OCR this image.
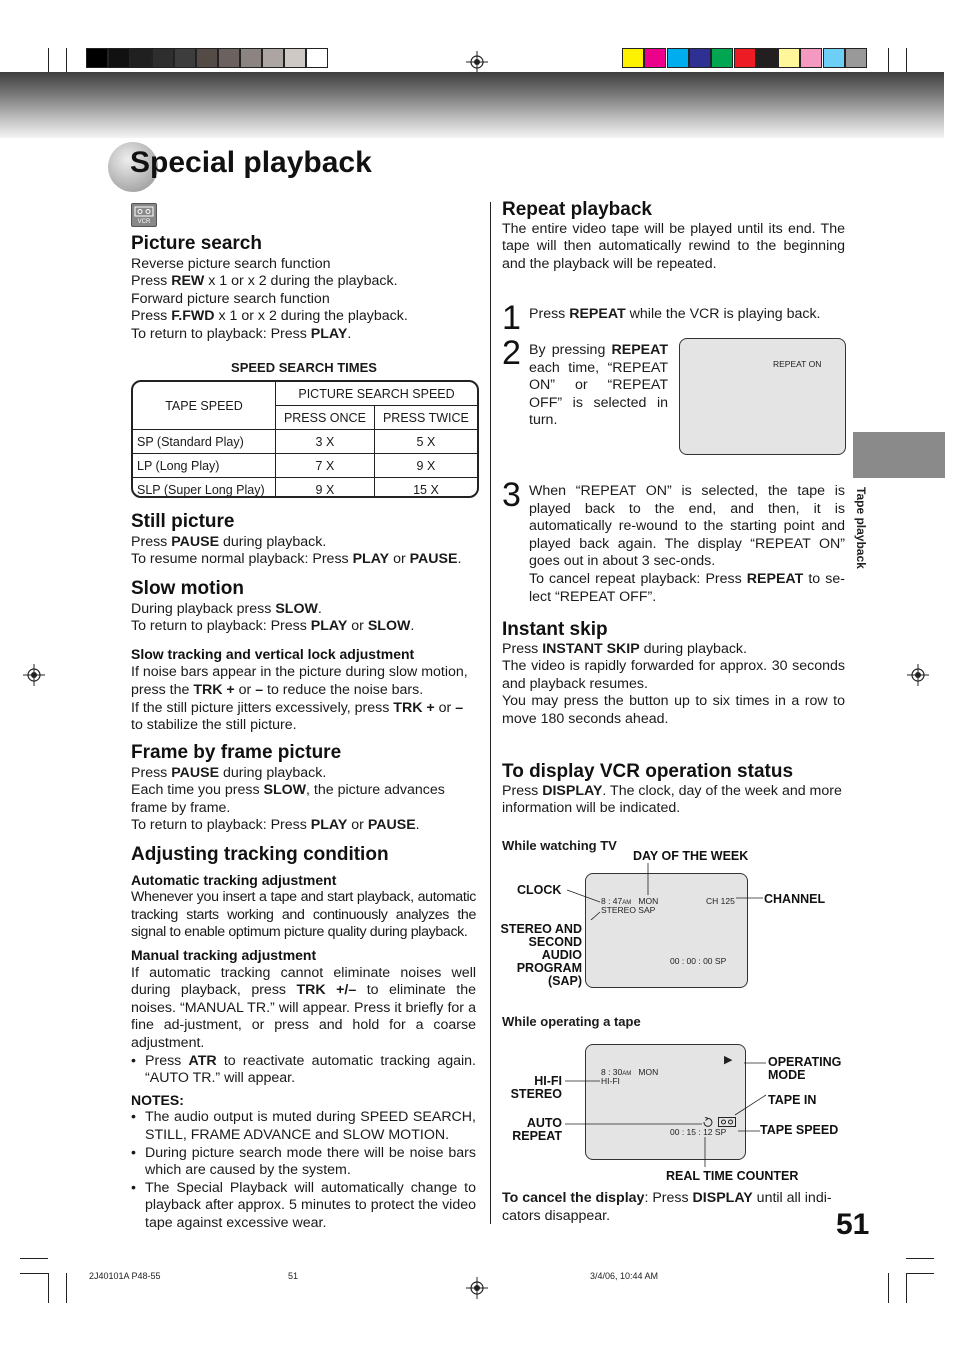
Special playback
Tape playback
VCR
Picture search

Reverse picture search function

Press REW x 1 or x 2 during the playback.

Forward picture search function

Press F.FWD x 1 or x 2 during the playback.

To return to playback: Press PLAY.

SPEED SEARCH TIMES
TAPE SPEED	PICTURE SEARCH SPEED	
	PRESS ONCE	PRESS TWICE
SP (Standard Play)	3 X	5 X
LP (Long Play)	7 X	9 X
SLP (Super Long Play)	9 X	15 X
Still picture

Press PAUSE during playback.

To resume normal playback: Press PLAY or PAUSE.

Slow motion

During playback press SLOW.

To return to playback: Press PLAY or SLOW.

Slow tracking and vertical lock adjustment

If noise bars appear in the picture during slow motion, press the TRK + or – to reduce the noise bars.

If the still picture jitters excessively, press TRK + or – to stabilize the still picture.

Frame by frame picture

Press PAUSE during playback.

Each time you press SLOW, the picture advances frame by frame.

To return to playback: Press PLAY or PAUSE.

Adjusting tracking condition
Automatic tracking adjustment

Whenever you insert a tape and start playback, automatic tracking starts working and continuously analyzes the signal to enable optimum picture quality during playback.

Manual tracking adjustment

If automatic tracking cannot eliminate noises well during playback, press TRK +/– to eliminate the noises. “MANUAL TR.” will appear. Press it briefly for a fine ad-justment, or press and hold for a coarse adjustment.

• Press ATR to reactivate automatic tracking again. “AUTO TR.” will appear.
NOTES:
• The audio output is muted during SPEED SEARCH, STILL, FRAME ADVANCE and SLOW MOTION.
• During picture search mode there will be noise bars which are caused by the system.
• The Special Playback will automatically change to playback after approx. 5 minutes to protect the video tape against excessive wear.
Repeat playback

The entire video tape will be played until its end. The tape will then automatically rewind to the beginning and the playback will be repeated.

1 Press REPEAT while the VCR is playing back.

2 By pressing REPEAT each time, “REPEAT ON” or “REPEAT OFF” is selected in turn.

REPEAT ON
3 When “REPEAT ON” is selected, the tape is played back to the end, and then, it is automatically re-wound to the starting point and played back again. The display “REPEAT ON” goes out in about 3 sec-onds.

To cancel repeat playback: Press REPEAT to se-lect “REPEAT OFF”.

Instant skip

Press INSTANT SKIP during playback.

The video is rapidly forwarded for approx. 30 seconds and playback resumes.

You may press the button up to six times in a row to move 180 seconds ahead.

To display VCR operation status

Press DISPLAY. The clock, day of the week and more information will be indicated.

While watching TV
DAY OF THE WEEK
CLOCK
CHANNEL
STEREO AND
SECOND
AUDIO
PROGRAM
(SAP)
8 : 47AM MON
STEREO SAP
CH 125
00 : 00 : 00 SP
While operating a tape
HI-FI
STEREO
AUTO
REPEAT
OPERATING
MODE
TAPE IN
TAPE SPEED
REAL TIME COUNTER
8 : 30AM MON
HI-FI
▶
00 : 15 : 12 SP

To cancel the display: Press DISPLAY until all indi-cators disappear.	51
2J40101A P48-55	51	3/4/06, 10:44 AM
